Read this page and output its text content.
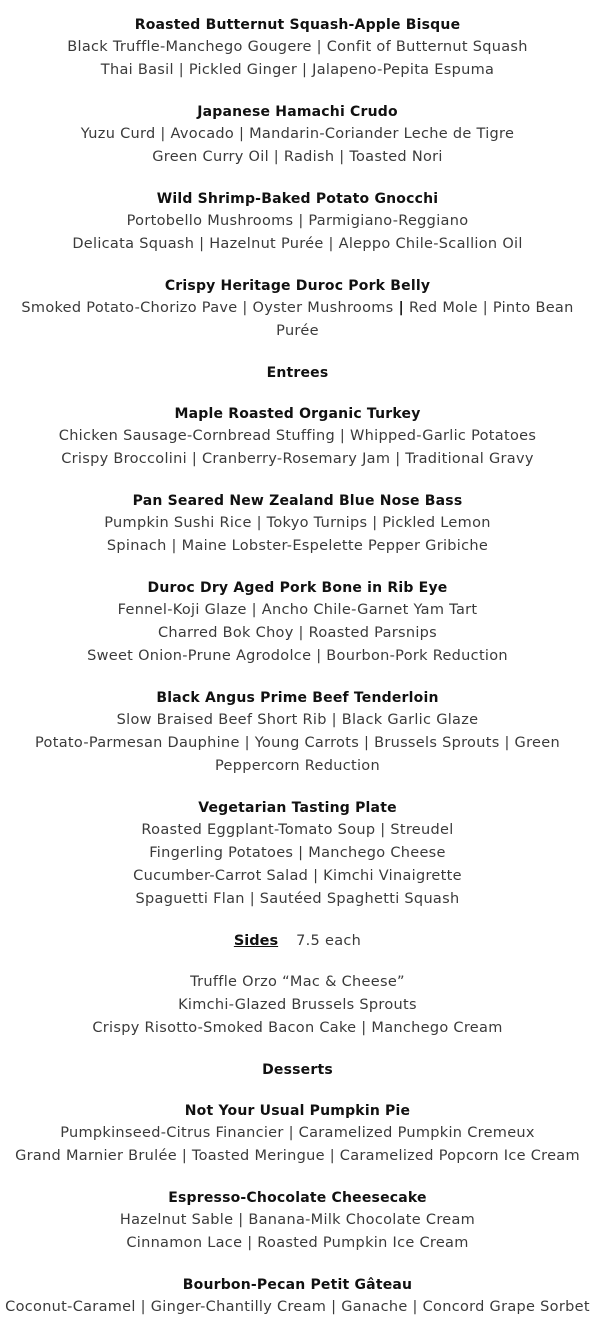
Roasted Butternut Squash-Apple Bisque
Black Truffle-Manchego Gougere | Confit of Butternut Squash
Thai Basil | Pickled Ginger | Jalapeno-Pepita Espuma
Japanese Hamachi Crudo
Yuzu Curd | Avocado | Mandarin-Coriander Leche de Tigre
Green Curry Oil | Radish | Toasted Nori
Wild Shrimp-Baked Potato Gnocchi
Portobello Mushrooms | Parmigiano-Reggiano
Delicata Squash | Hazelnut Purée | Aleppo Chile-Scallion Oil
Crispy Heritage Duroc Pork Belly
Smoked Potato-Chorizo Pave | Oyster Mushrooms | Red Mole | Pinto Bean Purée
Entrees
Maple Roasted Organic Turkey
Chicken Sausage-Cornbread Stuffing | Whipped-Garlic Potatoes
Crispy Broccolini | Cranberry-Rosemary Jam | Traditional Gravy
Pan Seared New Zealand Blue Nose Bass
Pumpkin Sushi Rice | Tokyo Turnips | Pickled Lemon
Spinach | Maine Lobster-Espelette Pepper Gribiche
Duroc Dry Aged Pork Bone in Rib Eye
Fennel-Koji Glaze | Ancho Chile-Garnet Yam Tart
Charred Bok Choy | Roasted Parsnips
Sweet Onion-Prune Agrodolce | Bourbon-Pork Reduction
Black Angus Prime Beef Tenderloin
Slow Braised Beef Short Rib | Black Garlic Glaze
Potato-Parmesan Dauphine | Young Carrots | Brussels Sprouts | Green Peppercorn Reduction
Vegetarian Tasting Plate
Roasted Eggplant-Tomato Soup | Streudel
Fingerling Potatoes | Manchego Cheese
Cucumber-Carrot Salad | Kimchi Vinaigrette
Spaguetti Flan | Sautéed Spaghetti Squash
Sides 7.5 each
Truffle Orzo “Mac & Cheese”
Kimchi-Glazed Brussels Sprouts
Crispy Risotto-Smoked Bacon Cake | Manchego Cream
Desserts
Not Your Usual Pumpkin Pie
Pumpkinseed-Citrus Financier | Caramelized Pumpkin Cremeux
Grand Marnier Brulée | Toasted Meringue | Caramelized Popcorn Ice Cream
Espresso-Chocolate Cheesecake
Hazelnut Sable | Banana-Milk Chocolate Cream
Cinnamon Lace | Roasted Pumpkin Ice Cream
Bourbon-Pecan Petit Gâteau
Coconut-Caramel | Ginger-Chantilly Cream | Ganache | Concord Grape Sorbet
